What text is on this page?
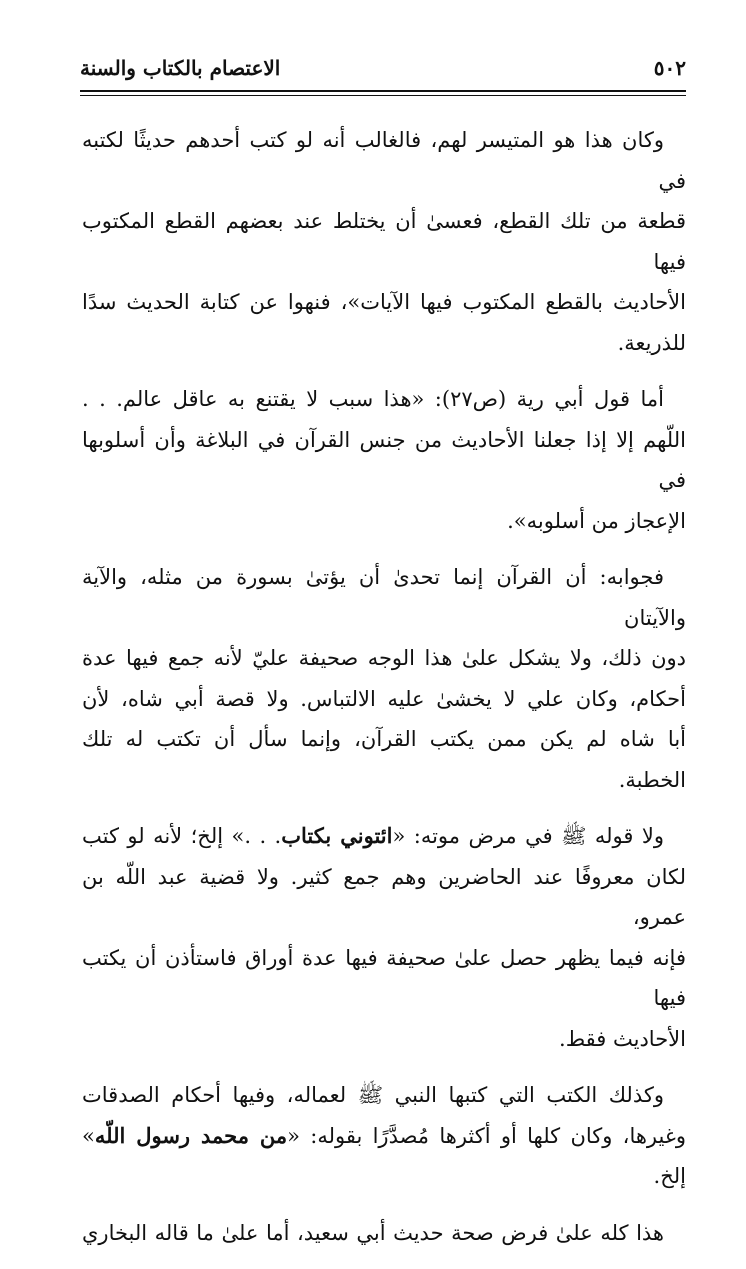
٥٠٢
الاعتصام بالكتاب والسنة

وكان هذا هو المتيسر لهم، فالغالب أنه لو كتب أحدهم حديثًا لكتبه في
قطعة من تلك القطع، فعسىٰ أن يختلط عند بعضهم القطع المكتوب فيها
الأحاديث بالقطع المكتوب فيها الآيات»، فنهوا عن كتابة الحديث سدًا
للذريعة.

أما قول أبي رية (ص٢٧): «هذا سبب لا يقتنع به عاقل عالم. . .
اللّهم إلا إذا جعلنا الأحاديث من جنس القرآن في البلاغة وأن أسلوبها في
الإعجاز من أسلوبه».

فجوابه: أن القرآن إنما تحدىٰ أن يؤتىٰ بسورة من مثله، والآية والآيتان
دون ذلك، ولا يشكل علىٰ هذا الوجه صحيفة عليّ لأنه جمع فيها عدة
أحكام، وكان علي لا يخشىٰ عليه الالتباس. ولا قصة أبي شاه، لأن
أبا شاه لم يكن ممن يكتب القرآن، وإنما سأل أن تكتب له تلك
الخطبة.

ولا قوله ﷺ في مرض موته: «ائتوني بكتاب. . .» إلخ؛ لأنه لو كتب
لكان معروفًا عند الحاضرين وهم جمع كثير. ولا قضية عبد اللّه بن عمرو،
فإنه فيما يظهر حصل علىٰ صحيفة فيها عدة أوراق فاستأذن أن يكتب فيها
الأحاديث فقط.

وكذلك الكتب التي كتبها النبي ﷺ لعماله، وفيها أحكام الصدقات
وغيرها، وكان كلها أو أكثرها مُصدَّرًا بقوله: «من محمد رسول اللّه»
إلخ.

هذا كله علىٰ فرض صحة حديث أبي سعيد، أما علىٰ ما قاله البخاري
